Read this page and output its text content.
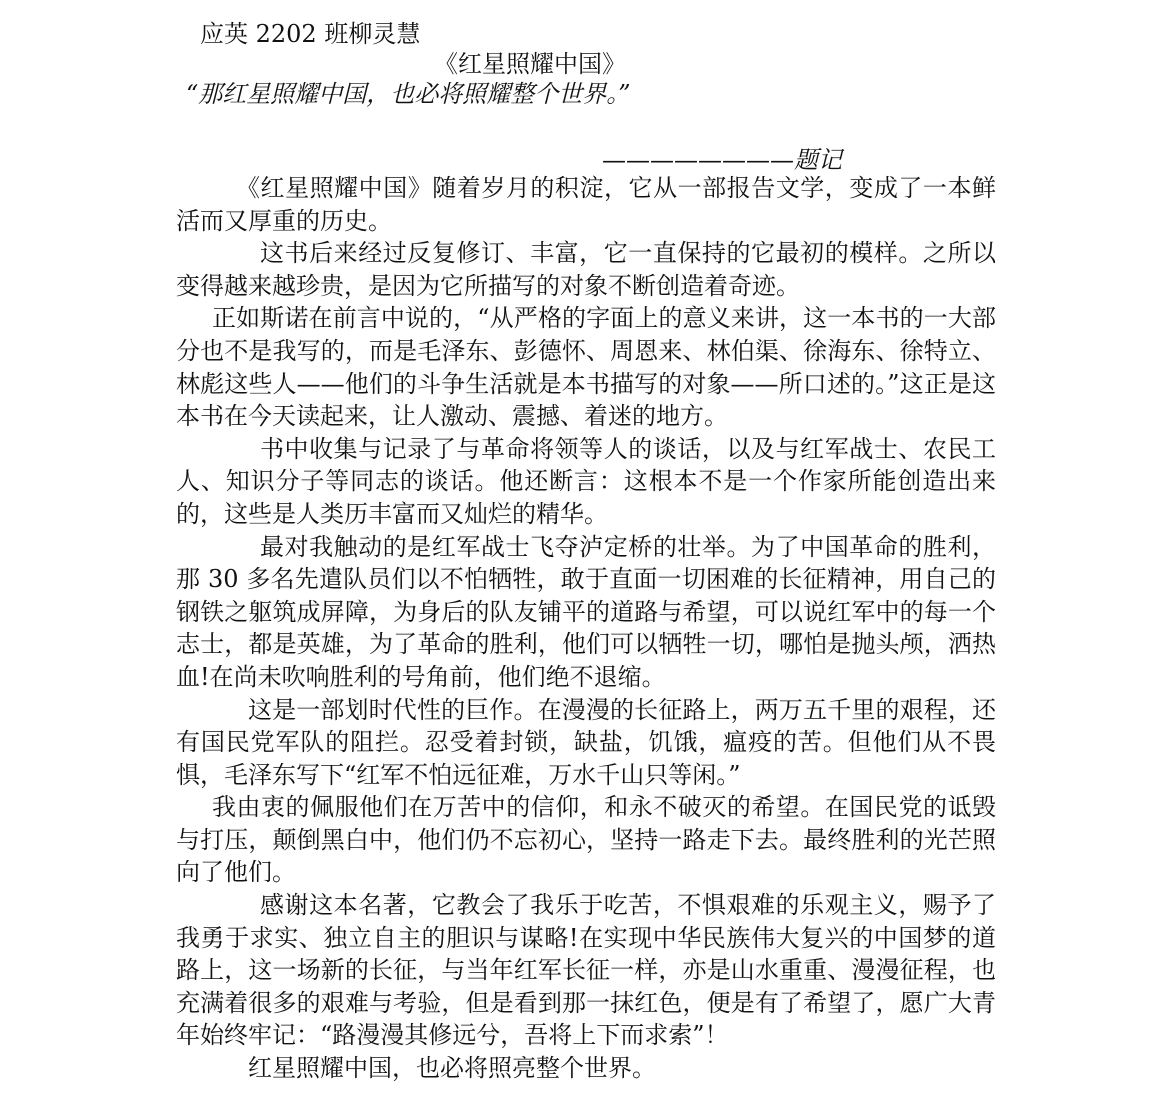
应英 2202 班柳灵慧
《红星照耀中国》
“那红星照耀中国，也必将照耀整个世界。”
————————题记

《红星照耀中国》随着岁月的积淀，它从一部报告文学，变成了一本鲜活而又厚重的历史。

这书后来经过反复修订、丰富，它一直保持的它最初的模样。之所以变得越来越珍贵，是因为它所描写的对象不断创造着奇迹。

正如斯诺在前言中说的，“从严格的字面上的意义来讲，这一本书的一大部分也不是我写的，而是毛泽东、彭德怀、周恩来、林伯渠、徐海东、徐特立、林彪这些人——他们的斗争生活就是本书描写的对象——所口述的。”这正是这本书在今天读起来，让人激动、震撼、着迷的地方。

书中收集与记录了与革命将领等人的谈话，以及与红军战士、农民工人、知识分子等同志的谈话。他还断言：这根本不是一个作家所能创造出来的，这些是人类历丰富而又灿烂的精华。

最对我触动的是红军战士飞夺泸定桥的壮举。为了中国革命的胜利，那 30 多名先遣队员们以不怕牺牲，敢于直面一切困难的长征精神，用自己的钢铁之躯筑成屏障，为身后的队友铺平的道路与希望，可以说红军中的每一个志士，都是英雄，为了革命的胜利，他们可以牺牲一切，哪怕是抛头颅，洒热血!在尚未吹响胜利的号角前，他们绝不退缩。

这是一部划时代性的巨作。在漫漫的长征路上，两万五千里的艰程，还有国民党军队的阻拦。忍受着封锁，缺盐，饥饿，瘟疫的苦。但他们从不畏惧，毛泽东写下“红军不怕远征难，万水千山只等闲。”

我由衷的佩服他们在万苦中的信仰，和永不破灭的希望。在国民党的诋毁与打压，颠倒黑白中，他们仍不忘初心，坚持一路走下去。最终胜利的光芒照向了他们。

感谢这本名著，它教会了我乐于吃苦，不惧艰难的乐观主义，赐予了我勇于求实、独立自主的胆识与谋略!在实现中华民族伟大复兴的中国梦的道路上，这一场新的长征，与当年红军长征一样，亦是山水重重、漫漫征程，也充满着很多的艰难与考验，但是看到那一抹红色，便是有了希望了，愿广大青年始终牢记：“路漫漫其修远兮，吾将上下而求索”！

红星照耀中国，也必将照亮整个世界。
